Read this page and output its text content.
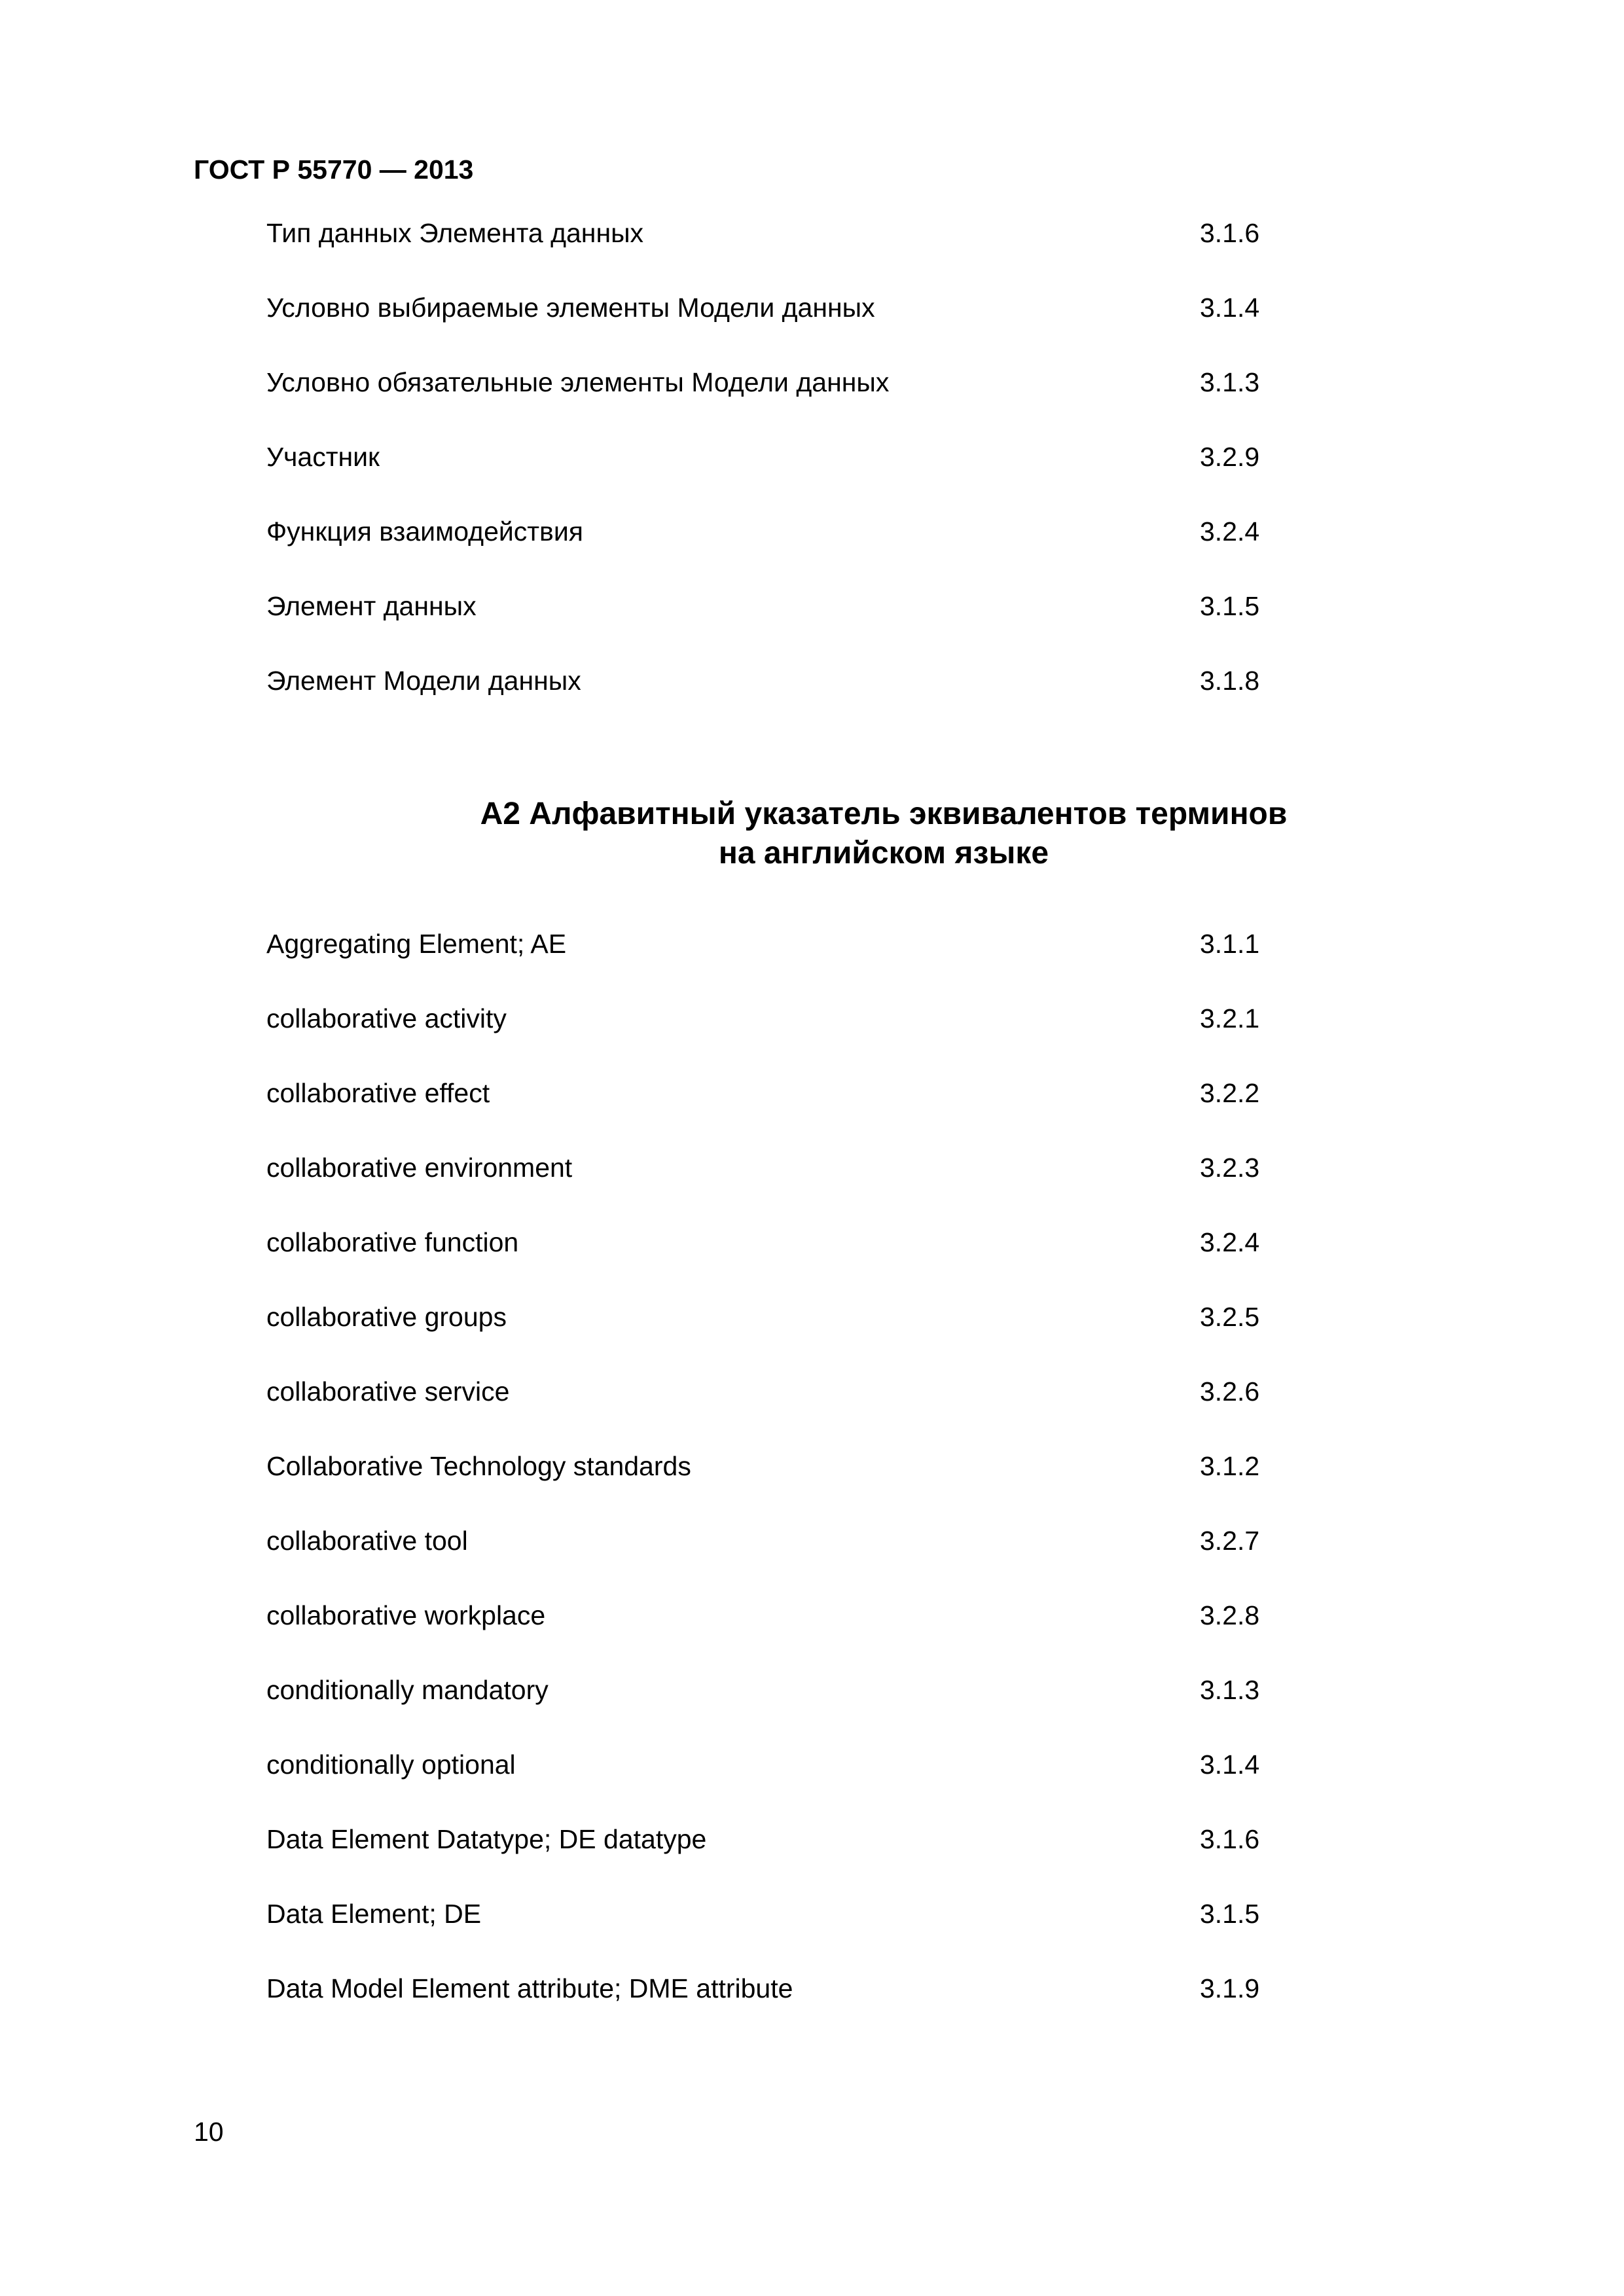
ГОСТ Р 55770 — 2013
Тип данных Элемента данных	3.1.6
Условно выбираемые элементы Модели данных	3.1.4
Условно обязательные элементы Модели данных	3.1.3
Участник	3.2.9
Функция взаимодействия	3.2.4
Элемент данных	3.1.5
Элемент Модели данных	3.1.8
А2 Алфавитный указатель эквивалентов терминов
на английском языке
Aggregating Element; AE	3.1.1
collaborative activity	3.2.1
collaborative effect	3.2.2
collaborative environment	3.2.3
collaborative function	3.2.4
collaborative groups	3.2.5
collaborative service	3.2.6
Collaborative Technology standards	3.1.2
collaborative tool	3.2.7
collaborative workplace	3.2.8
conditionally mandatory	3.1.3
conditionally optional	3.1.4
Data Element Datatype; DE datatype	3.1.6
Data Element; DE	3.1.5
Data Model Element attribute; DME attribute	3.1.9
10
